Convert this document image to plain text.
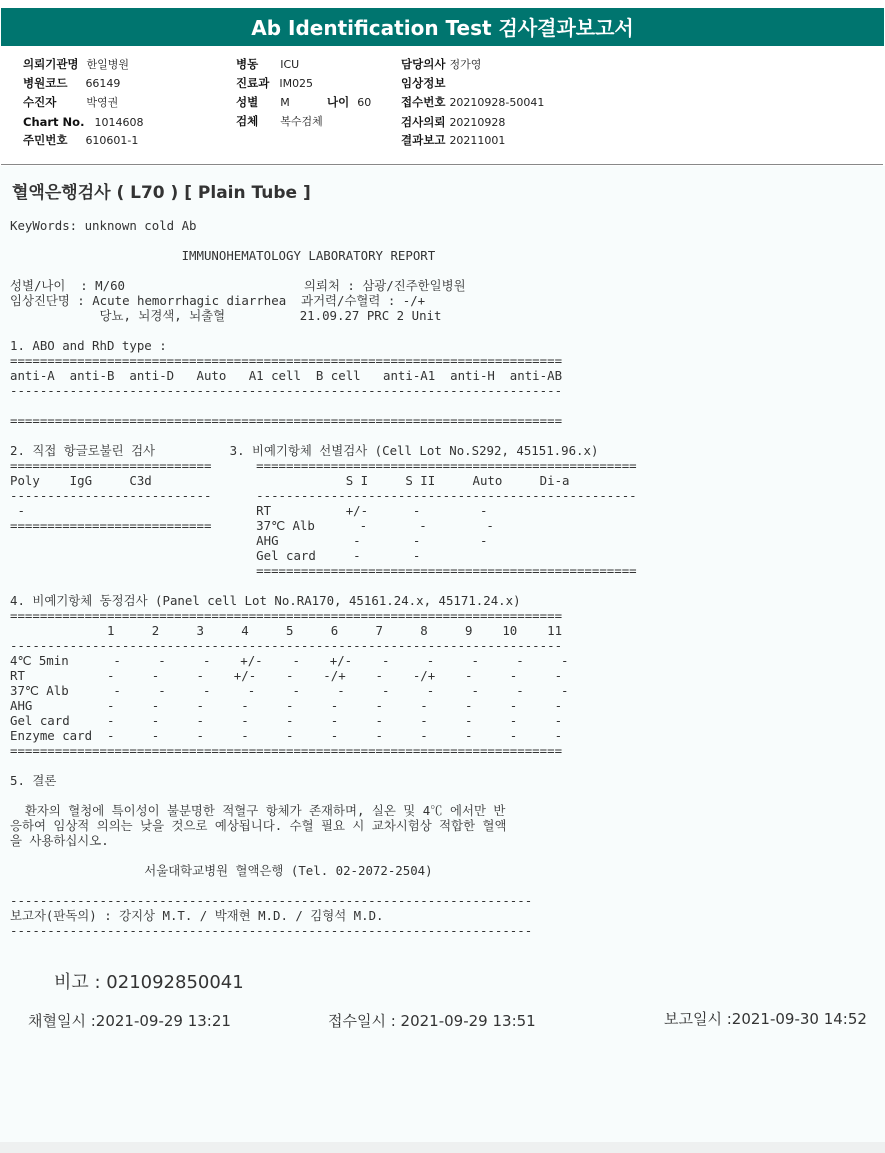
Ab Identification Test 검사결과보고서
의뢰기관명 한일병원
병원코드 66149
수진자	박영권
Chart No. 1014608
주민번호 610601-1
병동 ICU
진료과 IM025
성별 M	나이 60
검체 복수검체
담당의사 정가영
임상정보
접수번호 20210928-50041
검사의뢰 20210928
결과보고 20211001
혈액은행검사 ( L70 ) [ Plain Tube ]
KeyWords: unknown cold Ab

IMMUNOHEMATOLOGY LABORATORY REPORT

성별/나이  : M/60                        의뢰처 : 삼광/진주한일병원
임상진단명 : Acute hemorrhagic diarrhea  과거력/수혈력 : -/+
당뇨, 뇌경색, 뇌출혈          21.09.27 PRC 2 Unit

1. ABO and RhD type :
==========================================================================
anti-A  anti-B  anti-D   Auto   A1 cell  B cell   anti-A1  anti-H  anti-AB
--------------------------------------------------------------------------

==========================================================================

2. 직접 항글로불린 검사          3. 비예기항체 선별검사 (Cell Lot No.S292, 45151.96.x)
===========================      ===================================================
Poly    IgG     C3d                          S I     S II     Auto     Di-a
---------------------------      ---------------------------------------------------
-                               RT          +/-      -        -
===========================      37℃ Alb      -       -        -
AHG          -       -        -
Gel card     -       -
===================================================

4. 비예기항체 동정검사 (Panel cell Lot No.RA170, 45161.24.x, 45171.24.x)
==========================================================================
1     2     3     4     5     6     7     8     9    10    11
--------------------------------------------------------------------------
4℃ 5min      -     -     -    +/-    -    +/-    -     -     -     -     -
RT           -     -     -    +/-    -    -/+    -    -/+    -     -     -
37℃ Alb      -     -     -     -     -     -     -     -     -     -     -
AHG          -     -     -     -     -     -     -     -     -     -     -
Gel card     -     -     -     -     -     -     -     -     -     -     -
Enzyme card  -     -     -     -     -     -     -     -     -     -     -
==========================================================================

5. 결론

환자의 혈청에 특이성이 불분명한 적혈구 항체가 존재하며, 실온 및 4℃ 에서만 반
응하여 임상적 의의는 낮을 것으로 예상됩니다. 수혈 필요 시 교차시험상 적합한 혈액
을 사용하십시오.

서울대학교병원 혈액은행 (Tel. 02-2072-2504)

----------------------------------------------------------------------
보고자(판독의) : 강지상 M.T. / 박재현 M.D. / 김형석 M.D.
----------------------------------------------------------------------
비고 : 021092850041
채혈일시 :2021-09-29 13:21	접수일시 : 2021-09-29 13:51	보고일시 :2021-09-30 14:52
